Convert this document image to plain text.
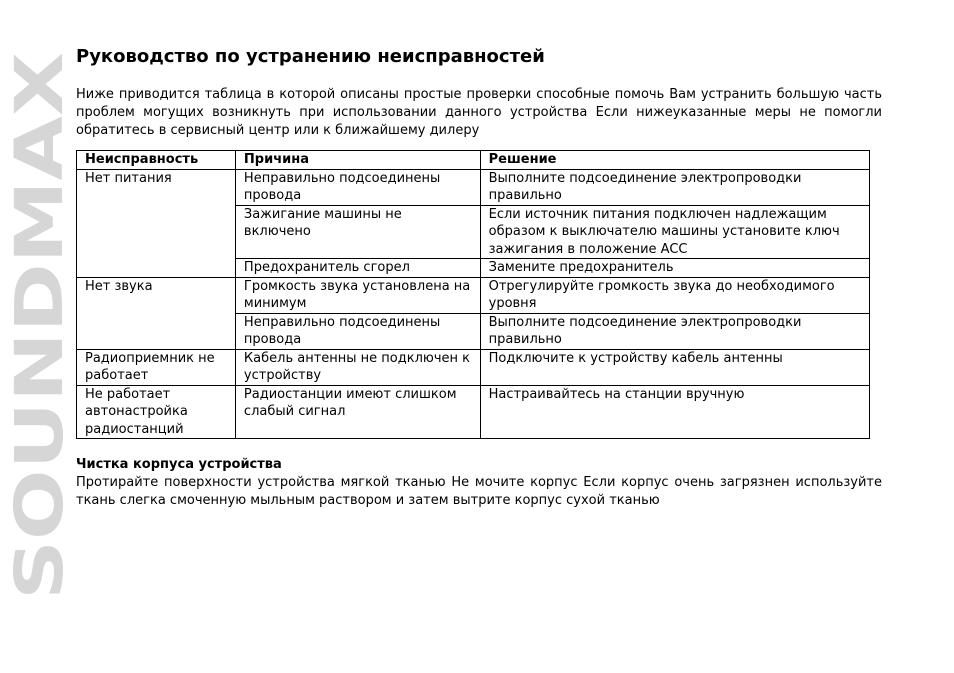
SOUNDMAX
Руководство по устранению неисправностей

Ниже приводится таблица в которой описаны простые проверки способные помочь Вам устранить большую часть проблем могущих возникнуть при использовании данного устройства Если нижеуказанные меры не помогли обратитесь в сервисный центр или к ближайшему дилеру

Неисправность	Причина	Решение
Нет питания	Неправильно подсоединены провода	Выполните подсоединение электропроводки правильно
	Зажигание машины не включено	Если источник питания подключен надлежащим образом к выключателю машины установите ключ зажигания в положение ACC
	Предохранитель сгорел	Замените предохранитель
Нет звука	Громкость звука установлена на минимум	Отрегулируйте громкость звука до необходимого уровня
	Неправильно подсоединены провода	Выполните подсоединение электропроводки правильно
Радиоприемник не работает	Кабель антенны не подключен к устройству	Подключите к устройству кабель антенны
Не работает автонастройка радиостанций	Радиостанции имеют слишком слабый сигнал	Настраивайтесь на станции вручную
Чистка корпуса устройства

Протирайте поверхности устройства мягкой тканью Не мочите корпус Если корпус очень загрязнен используйте ткань слегка смоченную мыльным раствором и затем вытрите корпус сухой тканью
